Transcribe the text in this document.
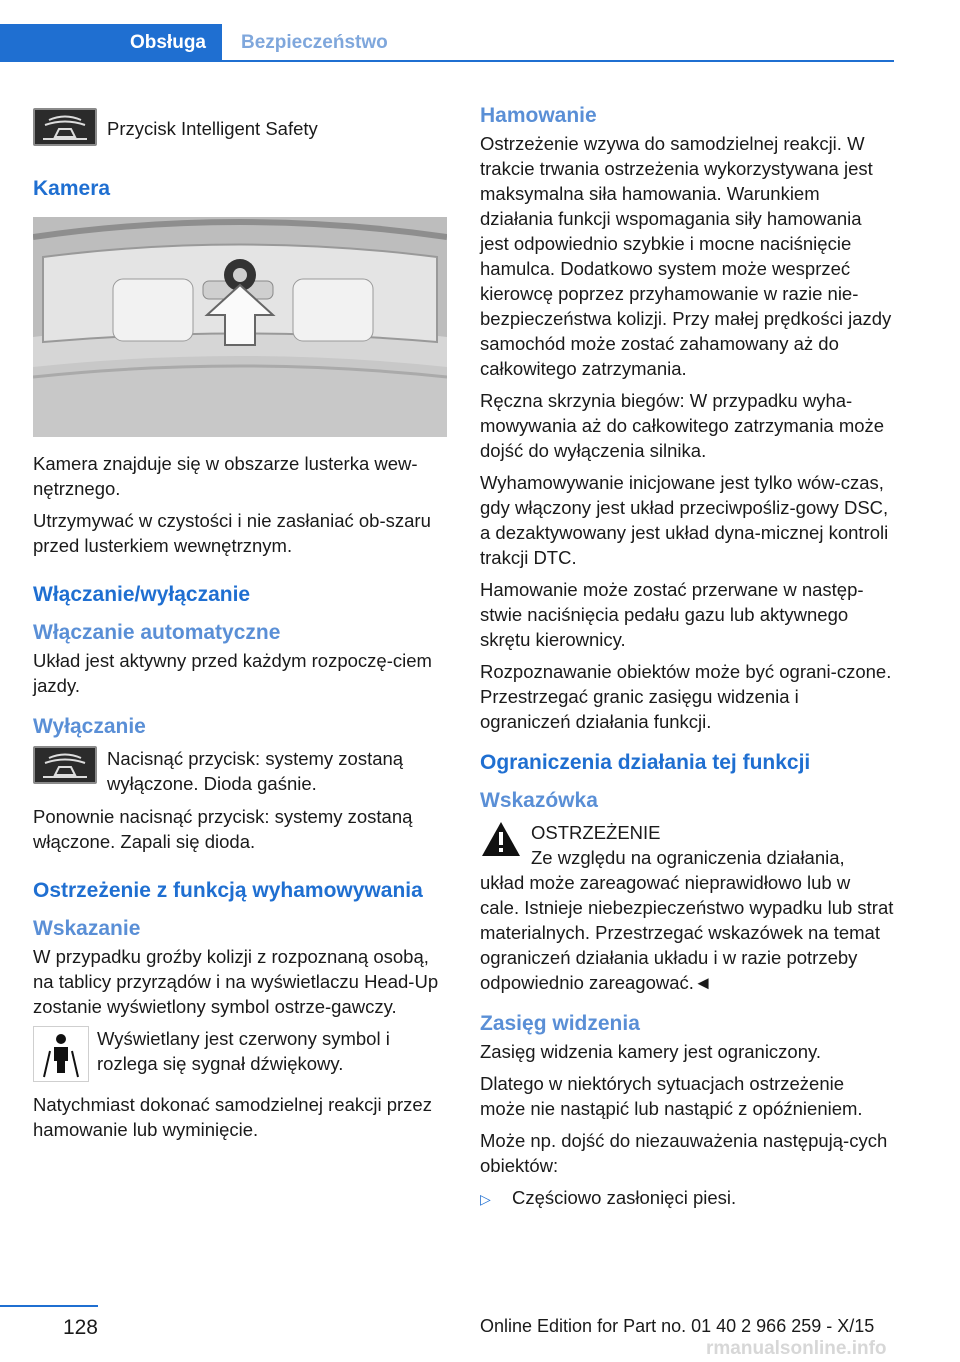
Obsługa	Bezpieczeństwo
Przycisk Intelligent Safety
Kamera
Kamera znajduje się w obszarze lusterka wew-nętrznego.
Utrzymywać w czystości i nie zasłaniać ob-szaru przed lusterkiem wewnętrznym.
Włączanie/wyłączanie
Włączanie automatyczne
Układ jest aktywny przed każdym rozpoczę-ciem jazdy.
Wyłączanie
Nacisnąć przycisk: systemy zostaną wyłączone. Dioda gaśnie.
Ponownie nacisnąć przycisk: systemy zostaną włączone. Zapali się dioda.
Ostrzeżenie z funkcją wyhamowywania
Wskazanie
W przypadku groźby kolizji z rozpoznaną osobą, na tablicy przyrządów i na wyświetlaczu Head-Up zostanie wyświetlony symbol ostrze-gawczy.
Wyświetlany jest czerwony symbol i rozlega się sygnał dźwiękowy.
Natychmiast dokonać samodzielnej reakcji przez hamowanie lub wyminięcie.
Hamowanie
Ostrzeżenie wzywa do samodzielnej reakcji. W trakcie trwania ostrzeżenia wykorzystywana jest maksymalna siła hamowania. Warunkiem działania funkcji wspomagania siły hamowania jest odpowiednio szybkie i mocne naciśnięcie hamulca. Dodatkowo system może wesprzeć kierowcę poprzez przyhamowanie w razie nie-bezpieczeństwa kolizji. Przy małej prędkości jazdy samochód może zostać zahamowany aż do całkowitego zatrzymania.
Ręczna skrzynia biegów: W przypadku wyha-mowywania aż do całkowitego zatrzymania może dojść do wyłączenia silnika.
Wyhamowywanie inicjowane jest tylko wów-czas, gdy włączony jest układ przeciwpośliz-gowy DSC, a dezaktywowany jest układ dyna-micznej kontroli trakcji DTC.
Hamowanie może zostać przerwane w następ-stwie naciśnięcia pedału gazu lub aktywnego skrętu kierownicy.
Rozpoznawanie obiektów może być ograni-czone. Przestrzegać granic zasięgu widzenia i ograniczeń działania funkcji.
Ograniczenia działania tej funkcji
Wskazówka
OSTRZEŻENIE
Ze względu na ograniczenia działania,
układ może zareagować nieprawidłowo lub w cale. Istnieje niebezpieczeństwo wypadku lub strat materialnych. Przestrzegać wskazówek na temat ograniczeń działania układu i w razie potrzeby odpowiednio zareagować.◄
Zasięg widzenia
Zasięg widzenia kamery jest ograniczony.
Dlatego w niektórych sytuacjach ostrzeżenie może nie nastąpić lub nastąpić z opóźnieniem.
Może np. dojść do niezauważenia następują-cych obiektów:
▷	Częściowo zasłonięci piesi.
128	Online Edition for Part no. 01 40 2 966 259 - X/15
rmanualsonline.info
